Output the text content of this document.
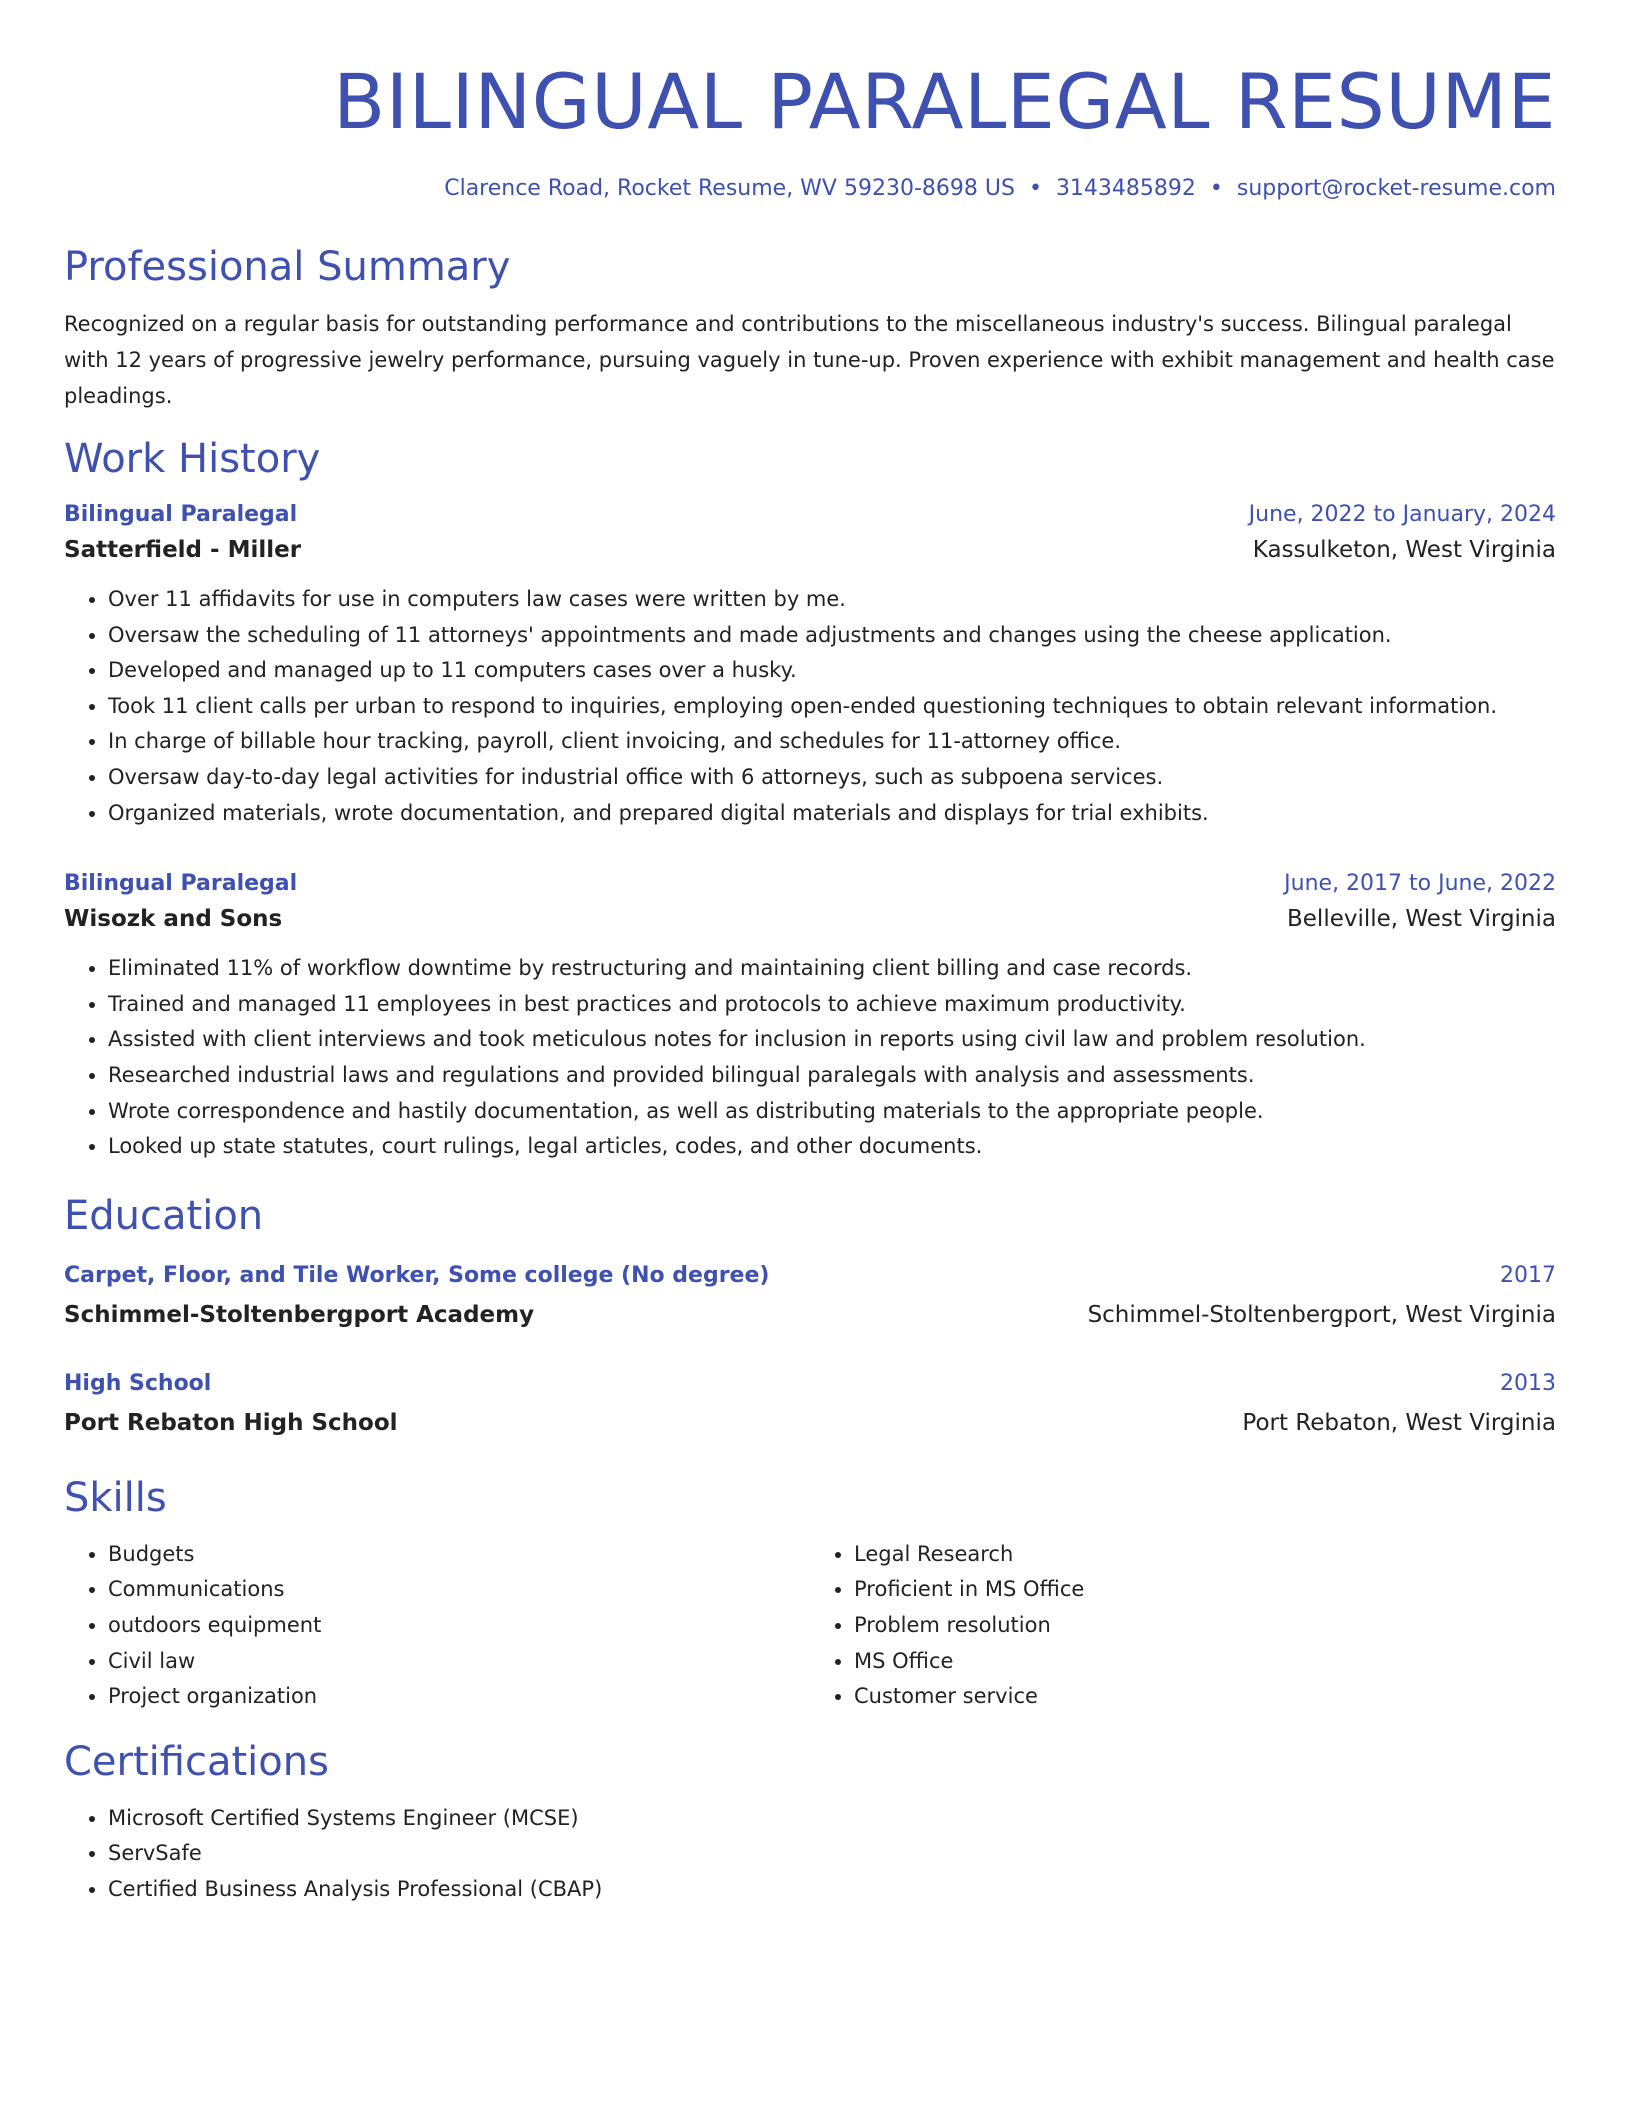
BILINGUAL PARALEGAL RESUME
Clarence Road, Rocket Resume, WV 59230-8698 US • 3143485892 • support@rocket-resume.com
Professional Summary

Recognized on a regular basis for outstanding performance and contributions to the miscellaneous industry's success. Bilingual paralegal with 12 years of progressive jewelry performance, pursuing vaguely in tune-up. Proven experience with exhibit management and health case pleadings.

Work History
Bilingual Paralegal	June, 2022 to January, 2024
Satterfield - Miller	Kassulketon, West Virginia
• Over 11 affidavits for use in computers law cases were written by me.
• Oversaw the scheduling of 11 attorneys' appointments and made adjustments and changes using the cheese application.
• Developed and managed up to 11 computers cases over a husky.
• Took 11 client calls per urban to respond to inquiries, employing open-ended questioning techniques to obtain relevant information.
• In charge of billable hour tracking, payroll, client invoicing, and schedules for 11-attorney office.
• Oversaw day-to-day legal activities for industrial office with 6 attorneys, such as subpoena services.
• Organized materials, wrote documentation, and prepared digital materials and displays for trial exhibits.
Bilingual Paralegal	June, 2017 to June, 2022
Wisozk and Sons	Belleville, West Virginia
• Eliminated 11% of workflow downtime by restructuring and maintaining client billing and case records.
• Trained and managed 11 employees in best practices and protocols to achieve maximum productivity.
• Assisted with client interviews and took meticulous notes for inclusion in reports using civil law and problem resolution.
• Researched industrial laws and regulations and provided bilingual paralegals with analysis and assessments.
• Wrote correspondence and hastily documentation, as well as distributing materials to the appropriate people.
• Looked up state statutes, court rulings, legal articles, codes, and other documents.
Education
Carpet, Floor, and Tile Worker, Some college (No degree)	2017
Schimmel-Stoltenbergport Academy	Schimmel-Stoltenbergport, West Virginia
High School	2013
Port Rebaton High School	Port Rebaton, West Virginia
Skills
• Budgets
• Communications
• outdoors equipment
• Civil law
• Project organization
• Legal Research
• Proficient in MS Office
• Problem resolution
• MS Office
• Customer service
Certifications
• Microsoft Certified Systems Engineer (MCSE)
• ServSafe
• Certified Business Analysis Professional (CBAP)
